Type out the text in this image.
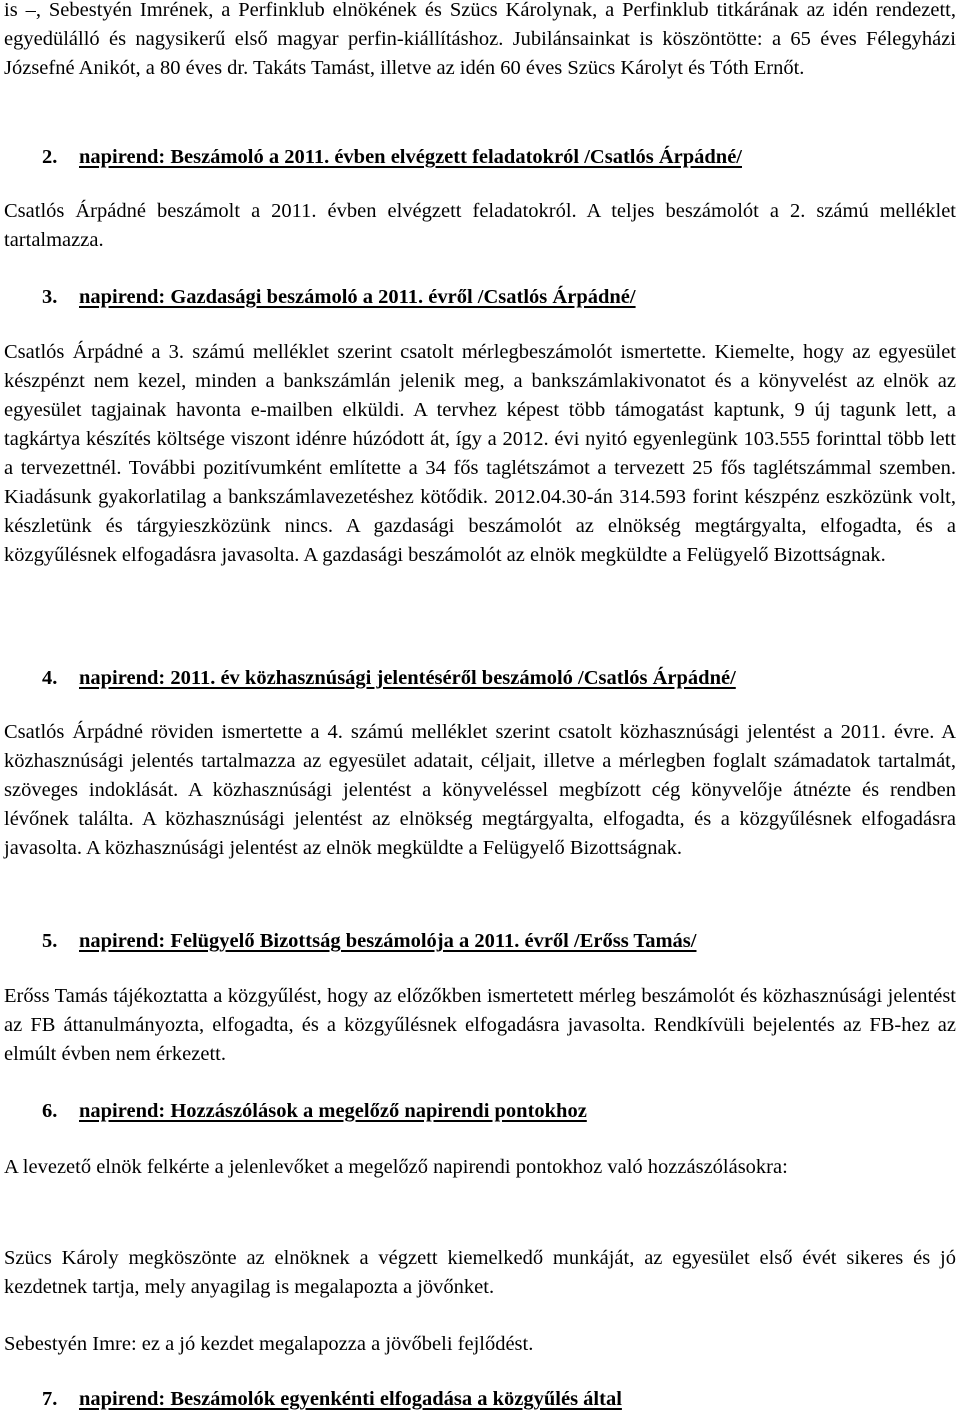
is –, Sebestyén Imrének, a Perfinklub elnökének és Szücs Károlynak, a Perfinklub titkárának az idén rendezett, egyedülálló és nagysikerű első magyar perfin-kiállításhoz. Jubilánsainkat is köszöntötte: a 65 éves Félegyházi Józsefné Anikót, a 80 éves dr. Takáts Tamást, illetve az idén 60 éves Szücs Károlyt és Tóth Ernőt.

2. napirend: Beszámoló a 2011. évben elvégzett feladatokról /Csatlós Árpádné/

Csatlós Árpádné beszámolt a 2011. évben elvégzett feladatokról. A teljes beszámolót a 2. számú melléklet tartalmazza.

3. napirend: Gazdasági beszámoló a 2011. évről /Csatlós Árpádné/

Csatlós Árpádné a 3. számú melléklet szerint csatolt mérlegbeszámolót ismertette. Kiemelte, hogy az egyesület készpénzt nem kezel, minden a bankszámlán jelenik meg, a bankszámlakivonatot és a könyvelést az elnök az egyesület tagjainak havonta e-mailben elküldi. A tervhez képest több támogatást kaptunk, 9 új tagunk lett, a tagkártya készítés költsége viszont idénre húzódott át, így a 2012. évi nyitó egyenlegünk 103.555 forinttal több lett a tervezettnél. További pozitívumként említette a 34 fős taglétszámot a tervezett 25 fős taglétszámmal szemben. Kiadásunk gyakorlatilag a bankszámlavezetéshez kötődik. 2012.04.30-án 314.593 forint készpénz eszközünk volt, készletünk és tárgyieszközünk nincs. A gazdasági beszámolót az elnökség megtárgyalta, elfogadta, és a közgyűlésnek elfogadásra javasolta. A gazdasági beszámolót az elnök megküldte a Felügyelő Bizottságnak.

4. napirend: 2011. év közhasznúsági jelentéséről beszámoló /Csatlós Árpádné/

Csatlós Árpádné röviden ismertette a 4. számú melléklet szerint csatolt közhasznúsági jelentést a 2011. évre. A közhasznúsági jelentés tartalmazza az egyesület adatait, céljait, illetve a mérlegben foglalt számadatok tartalmát, szöveges indoklását. A közhasznúsági jelentést a könyveléssel megbízott cég könyvelője átnézte és rendben lévőnek találta. A közhasznúsági jelentést az elnökség megtárgyalta, elfogadta, és a közgyűlésnek elfogadásra javasolta. A közhasznúsági jelentést az elnök megküldte a Felügyelő Bizottságnak.

5. napirend: Felügyelő Bizottság beszámolója a 2011. évről /Erőss Tamás/

Erőss Tamás tájékoztatta a közgyűlést, hogy az előzőkben ismertetett mérleg beszámolót és közhasznúsági jelentést az FB áttanulmányozta, elfogadta, és a közgyűlésnek elfogadásra javasolta. Rendkívüli bejelentés az FB-hez az elmúlt évben nem érkezett.

6. napirend: Hozzászólások a megelőző napirendi pontokhoz

A levezető elnök felkérte a jelenlevőket a megelőző napirendi pontokhoz való hozzászólásokra:

Szücs Károly megköszönte az elnöknek a végzett kiemelkedő munkáját, az egyesület első évét sikeres és jó kezdetnek tartja, mely anyagilag is megalapozta a jövőnket.

Sebestyén Imre: ez a jó kezdet megalapozza a jövőbeli fejlődést.

7. napirend: Beszámolók egyenkénti elfogadása a közgyűlés által
